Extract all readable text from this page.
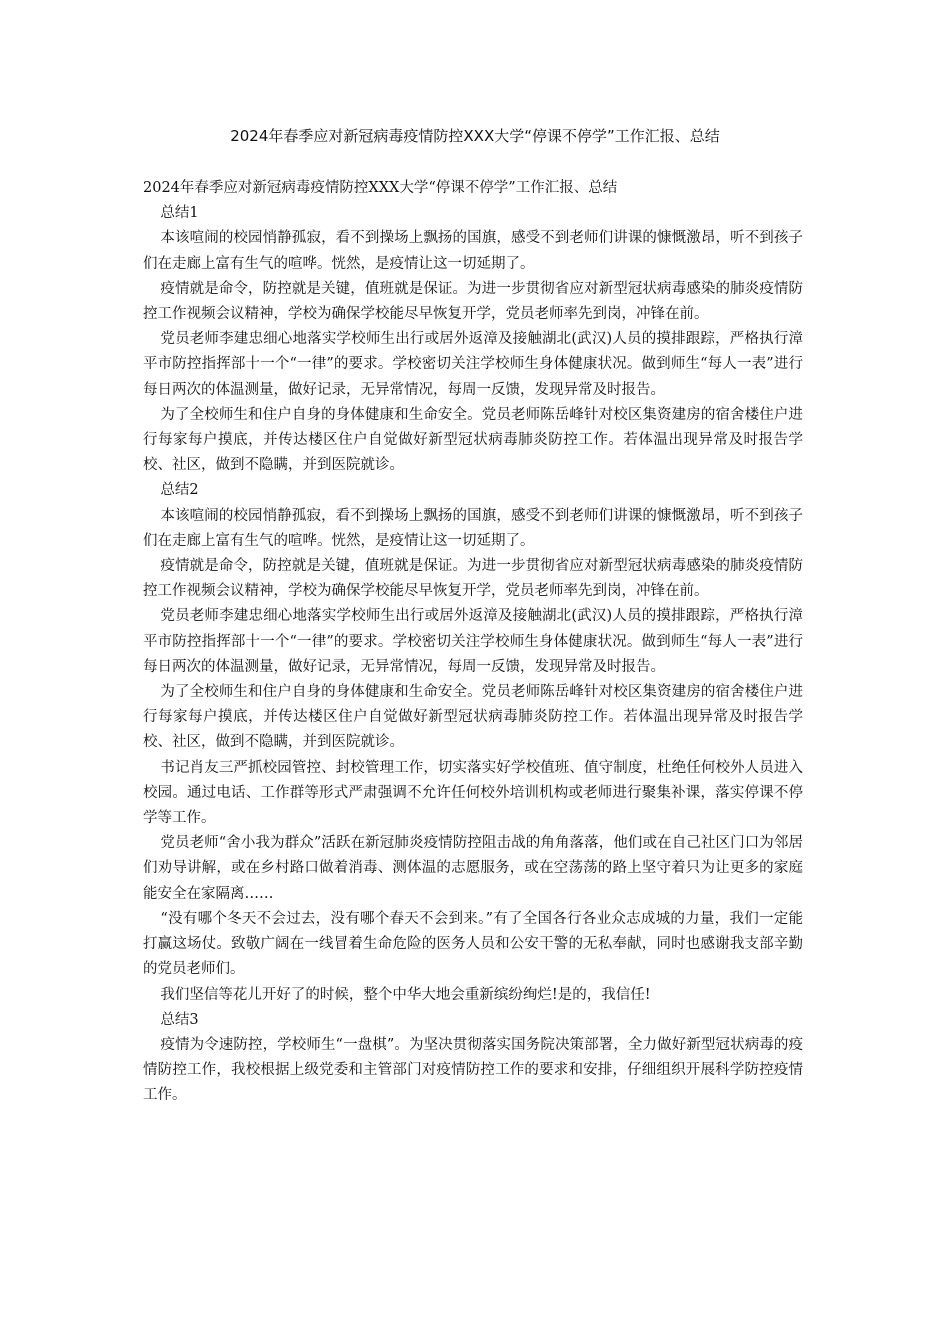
2024年春季应对新冠病毒疫情防控XXX大学“停课不停学”工作汇报、总结

2024年春季应对新冠病毒疫情防控XXX大学“停课不停学”工作汇报、总结

总结1

本该喧闹的校园悄静孤寂，看不到操场上飘扬的国旗，感受不到老师们讲课的慷慨激昂，听不到孩子们在走廊上富有生气的喧哗。恍然，是疫情让这一切延期了。

疫情就是命令，防控就是关键，值班就是保证。为进一步贯彻省应对新型冠状病毒感染的肺炎疫情防控工作视频会议精神，学校为确保学校能尽早恢复开学，党员老师率先到岗，冲锋在前。

党员老师李建忠细心地落实学校师生出行或居外返漳及接触湖北(武汉)人员的摸排跟踪，严格执行漳平市防控指挥部十一个“一律”的要求。学校密切关注学校师生身体健康状况。做到师生“每人一表”进行每日两次的体温测量，做好记录，无异常情况，每周一反馈，发现异常及时报告。

为了全校师生和住户自身的身体健康和生命安全。党员老师陈岳峰针对校区集资建房的宿舍楼住户进行每家每户摸底，并传达楼区住户自觉做好新型冠状病毒肺炎防控工作。若体温出现异常及时报告学校、社区，做到不隐瞒，并到医院就诊。

总结2

本该喧闹的校园悄静孤寂，看不到操场上飘扬的国旗，感受不到老师们讲课的慷慨激昂，听不到孩子们在走廊上富有生气的喧哗。恍然，是疫情让这一切延期了。

疫情就是命令，防控就是关键，值班就是保证。为进一步贯彻省应对新型冠状病毒感染的肺炎疫情防控工作视频会议精神，学校为确保学校能尽早恢复开学，党员老师率先到岗，冲锋在前。

党员老师李建忠细心地落实学校师生出行或居外返漳及接触湖北(武汉)人员的摸排跟踪，严格执行漳平市防控指挥部十一个“一律”的要求。学校密切关注学校师生身体健康状况。做到师生“每人一表”进行每日两次的体温测量，做好记录，无异常情况，每周一反馈，发现异常及时报告。

为了全校师生和住户自身的身体健康和生命安全。党员老师陈岳峰针对校区集资建房的宿舍楼住户进行每家每户摸底，并传达楼区住户自觉做好新型冠状病毒肺炎防控工作。若体温出现异常及时报告学校、社区，做到不隐瞒，并到医院就诊。

书记肖友三严抓校园管控、封校管理工作，切实落实好学校值班、值守制度，杜绝任何校外人员进入校园。通过电话、工作群等形式严肃强调不允许任何校外培训机构或老师进行聚集补课，落实停课不停学等工作。

党员老师“舍小我为群众”活跃在新冠肺炎疫情防控阻击战的角角落落，他们或在自己社区门口为邻居们劝导讲解，或在乡村路口做着消毒、测体温的志愿服务，或在空荡荡的路上坚守着只为让更多的家庭能安全在家隔离……

“没有哪个冬天不会过去，没有哪个春天不会到来。”有了全国各行各业众志成城的力量，我们一定能打赢这场仗。致敬广阔在一线冒着生命危险的医务人员和公安干警的无私奉献，同时也感谢我支部辛勤的党员老师们。

我们坚信等花儿开好了的时候，整个中华大地会重新缤纷绚烂!是的，我信任!

总结3

疫情为令速防控，学校师生“一盘棋”。为坚决贯彻落实国务院决策部署，全力做好新型冠状病毒的疫情防控工作，我校根据上级党委和主管部门对疫情防控工作的要求和安排，仔细组织开展科学防控疫情工作。
